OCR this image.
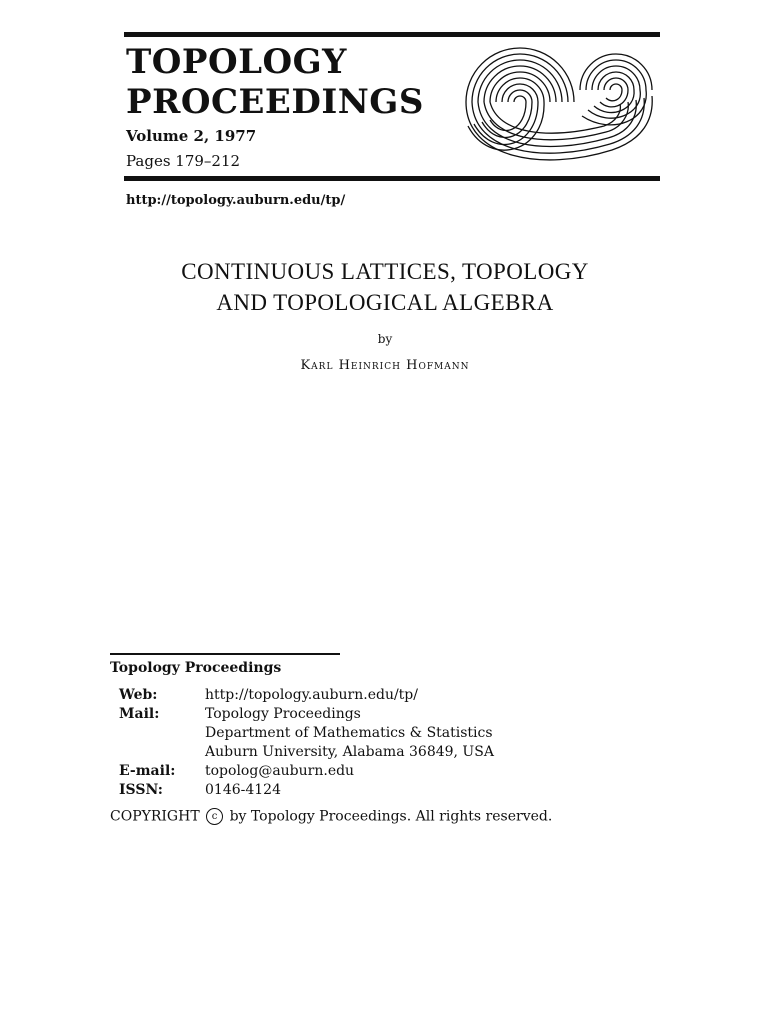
TOPOLOGY
PROCEEDINGS
Volume 2, 1977
Pages 179–212
http://topology.auburn.edu/tp/
CONTINUOUS LATTICES, TOPOLOGY
AND TOPOLOGICAL ALGEBRA
by
Karl Heinrich Hofmann
Topology Proceedings
Web:	http://topology.auburn.edu/tp/
Mail:	Topology Proceedings
Department of Mathematics & Statistics
Auburn University, Alabama 36849, USA
E-mail:	topolog@auburn.edu
ISSN:	0146-4124
COPYRIGHT c by Topology Proceedings. All rights reserved.
